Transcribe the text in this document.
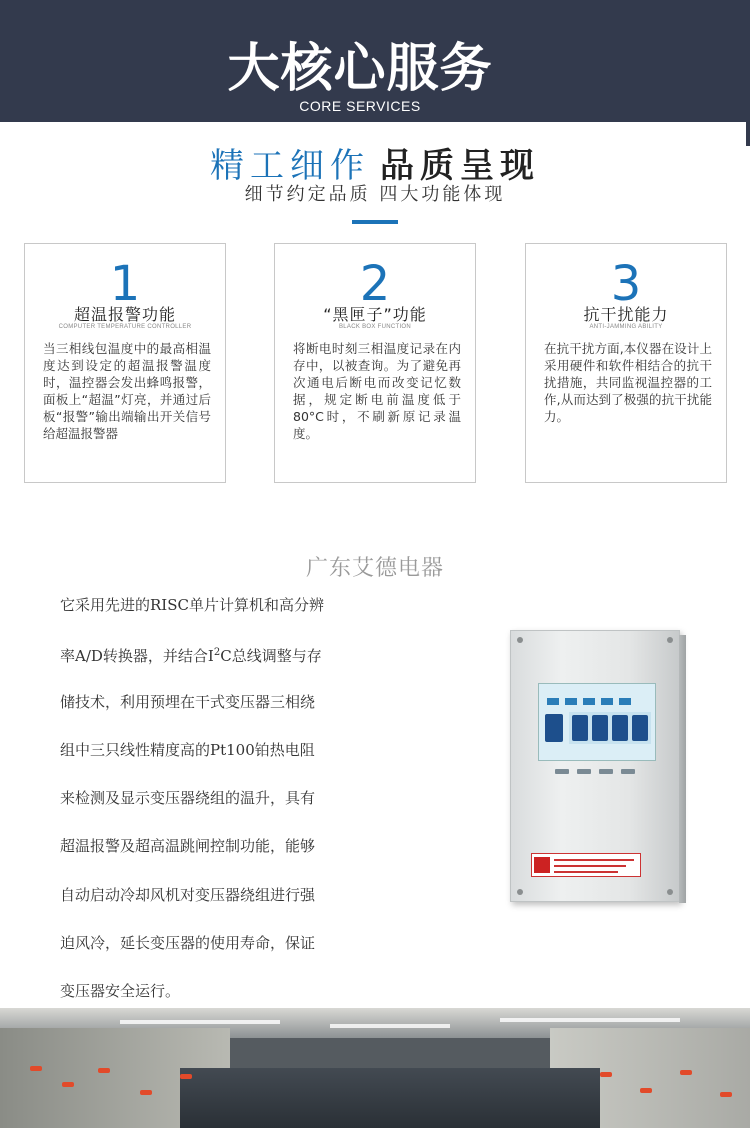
大核心服务
CORE SERVICES
精工细作 品质呈现
细节约定品质 四大功能体现
1
超温报警功能
COMPUTER TEMPERATURE CONTROLLER
当三相线包温度中的最高相温度达到设定的超温报警温度时，温控器会发出蜂鸣报警，面板上“超温”灯亮，并通过后板“报警”输出端输出开关信号给超温报警器
2
“黑匣子”功能
BLACK BOX FUNCTION
将断电时刻三相温度记录在内存中，以被查询。为了避免再次通电后断电而改变记忆数据，规定断电前温度低于80°C时，不刷新原记录温度。
3
抗干扰能力
ANTI-JAMMING ABILITY
在抗干扰方面,本仪器在设计上采用硬件和软件相结合的抗干扰措施，共同监视温控器的工作,从而达到了极强的抗干扰能力。
广东艾德电器
它采用先进的RISC单片计算机和高分辨
率A/D转换器，并结合$I^2C$总线调整与存
储技术，利用预埋在干式变压器三相绕
组中三只线性精度高的Pt100铂热电阻
来检测及显示变压器绕组的温升，具有
超温报警及超高温跳闸控制功能，能够
自动启动冷却风机对变压器绕组进行强
迫风冷，延长变压器的使用寿命，保证
变压器安全运行。
